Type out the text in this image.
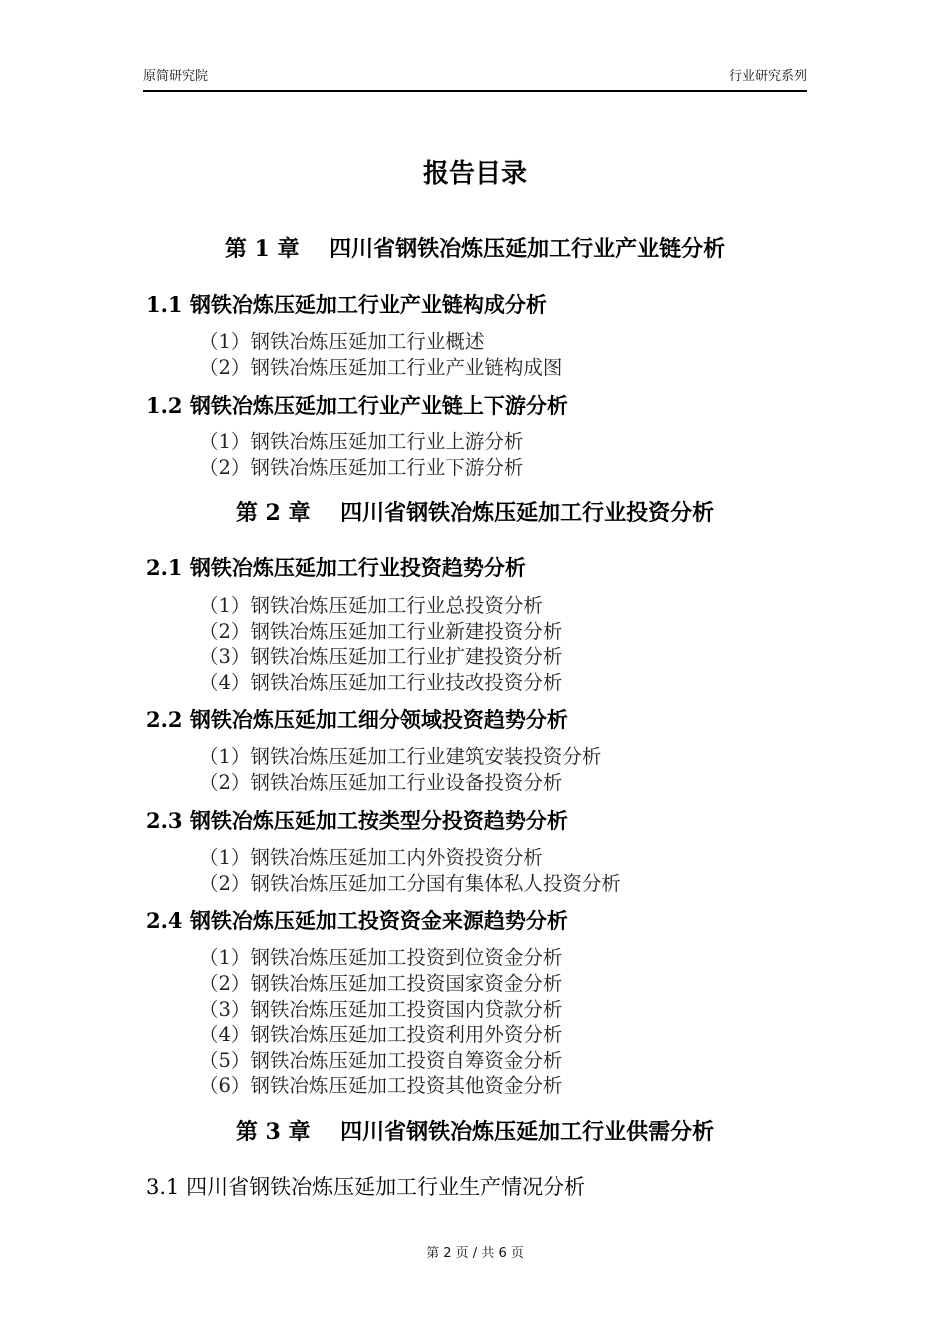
原简研究院	行业研究系列
报告目录
第 1 章　 四川省钢铁冶炼压延加工行业产业链分析
1.1 钢铁冶炼压延加工行业产业链构成分析
（1）钢铁冶炼压延加工行业概述
（2）钢铁冶炼压延加工行业产业链构成图
1.2 钢铁冶炼压延加工行业产业链上下游分析
（1）钢铁冶炼压延加工行业上游分析
（2）钢铁冶炼压延加工行业下游分析
第 2 章　 四川省钢铁冶炼压延加工行业投资分析
2.1 钢铁冶炼压延加工行业投资趋势分析
（1）钢铁冶炼压延加工行业总投资分析
（2）钢铁冶炼压延加工行业新建投资分析
（3）钢铁冶炼压延加工行业扩建投资分析
（4）钢铁冶炼压延加工行业技改投资分析
2.2 钢铁冶炼压延加工细分领域投资趋势分析
（1）钢铁冶炼压延加工行业建筑安装投资分析
（2）钢铁冶炼压延加工行业设备投资分析
2.3 钢铁冶炼压延加工按类型分投资趋势分析
（1）钢铁冶炼压延加工内外资投资分析
（2）钢铁冶炼压延加工分国有集体私人投资分析
2.4 钢铁冶炼压延加工投资资金来源趋势分析
（1）钢铁冶炼压延加工投资到位资金分析
（2）钢铁冶炼压延加工投资国家资金分析
（3）钢铁冶炼压延加工投资国内贷款分析
（4）钢铁冶炼压延加工投资利用外资分析
（5）钢铁冶炼压延加工投资自筹资金分析
（6）钢铁冶炼压延加工投资其他资金分析
第 3 章　 四川省钢铁冶炼压延加工行业供需分析
3.1 四川省钢铁冶炼压延加工行业生产情况分析
第 2 页 / 共 6 页
